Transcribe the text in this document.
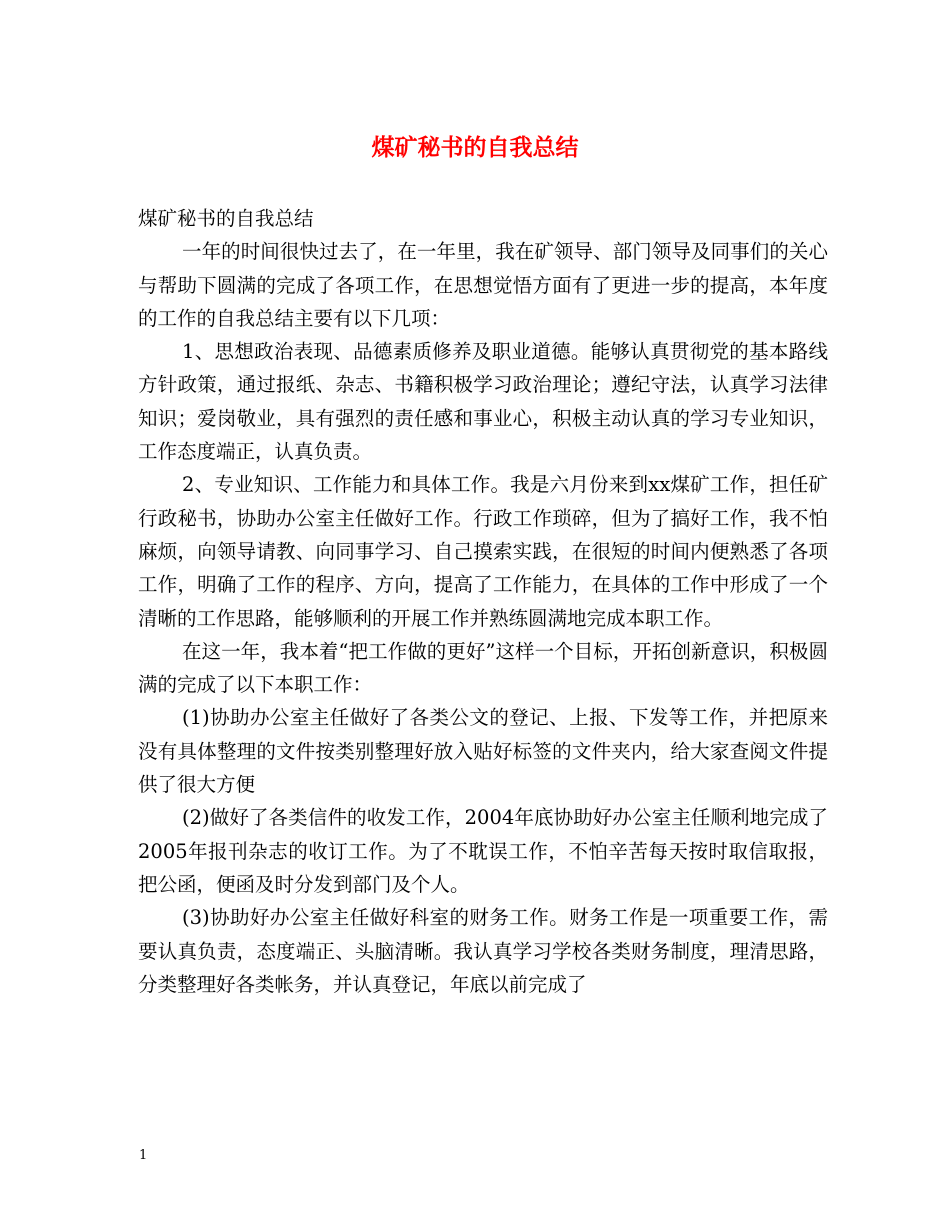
煤矿秘书的自我总结

煤矿秘书的自我总结

一年的时间很快过去了，在一年里，我在矿领导、部门领导及同事们的关心与帮助下圆满的完成了各项工作，在思想觉悟方面有了更进一步的提高，本年度的工作的自我总结主要有以下几项：

1、思想政治表现、品德素质修养及职业道德。能够认真贯彻党的基本路线方针政策，通过报纸、杂志、书籍积极学习政治理论；遵纪守法，认真学习法律知识；爱岗敬业，具有强烈的责任感和事业心，积极主动认真的学习专业知识，工作态度端正，认真负责。

2、专业知识、工作能力和具体工作。我是六月份来到xx煤矿工作，担任矿行政秘书，协助办公室主任做好工作。行政工作琐碎，但为了搞好工作，我不怕麻烦，向领导请教、向同事学习、自己摸索实践，在很短的时间内便熟悉了各项工作，明确了工作的程序、方向，提高了工作能力，在具体的工作中形成了一个清晰的工作思路，能够顺利的开展工作并熟练圆满地完成本职工作。

在这一年，我本着“把工作做的更好”这样一个目标，开拓创新意识，积极圆满的完成了以下本职工作：

(1)协助办公室主任做好了各类公文的登记、上报、下发等工作，并把原来没有具体整理的文件按类别整理好放入贴好标签的文件夹内，给大家查阅文件提供了很大方便

(2)做好了各类信件的收发工作，2004年底协助好办公室主任顺利地完成了2005年报刊杂志的收订工作。为了不耽误工作，不怕辛苦每天按时取信取报，把公函，便函及时分发到部门及个人。

(3)协助好办公室主任做好科室的财务工作。财务工作是一项重要工作，需要认真负责，态度端正、头脑清晰。我认真学习学校各类财务制度，理清思路，分类整理好各类帐务，并认真登记，年底以前完成了

1
